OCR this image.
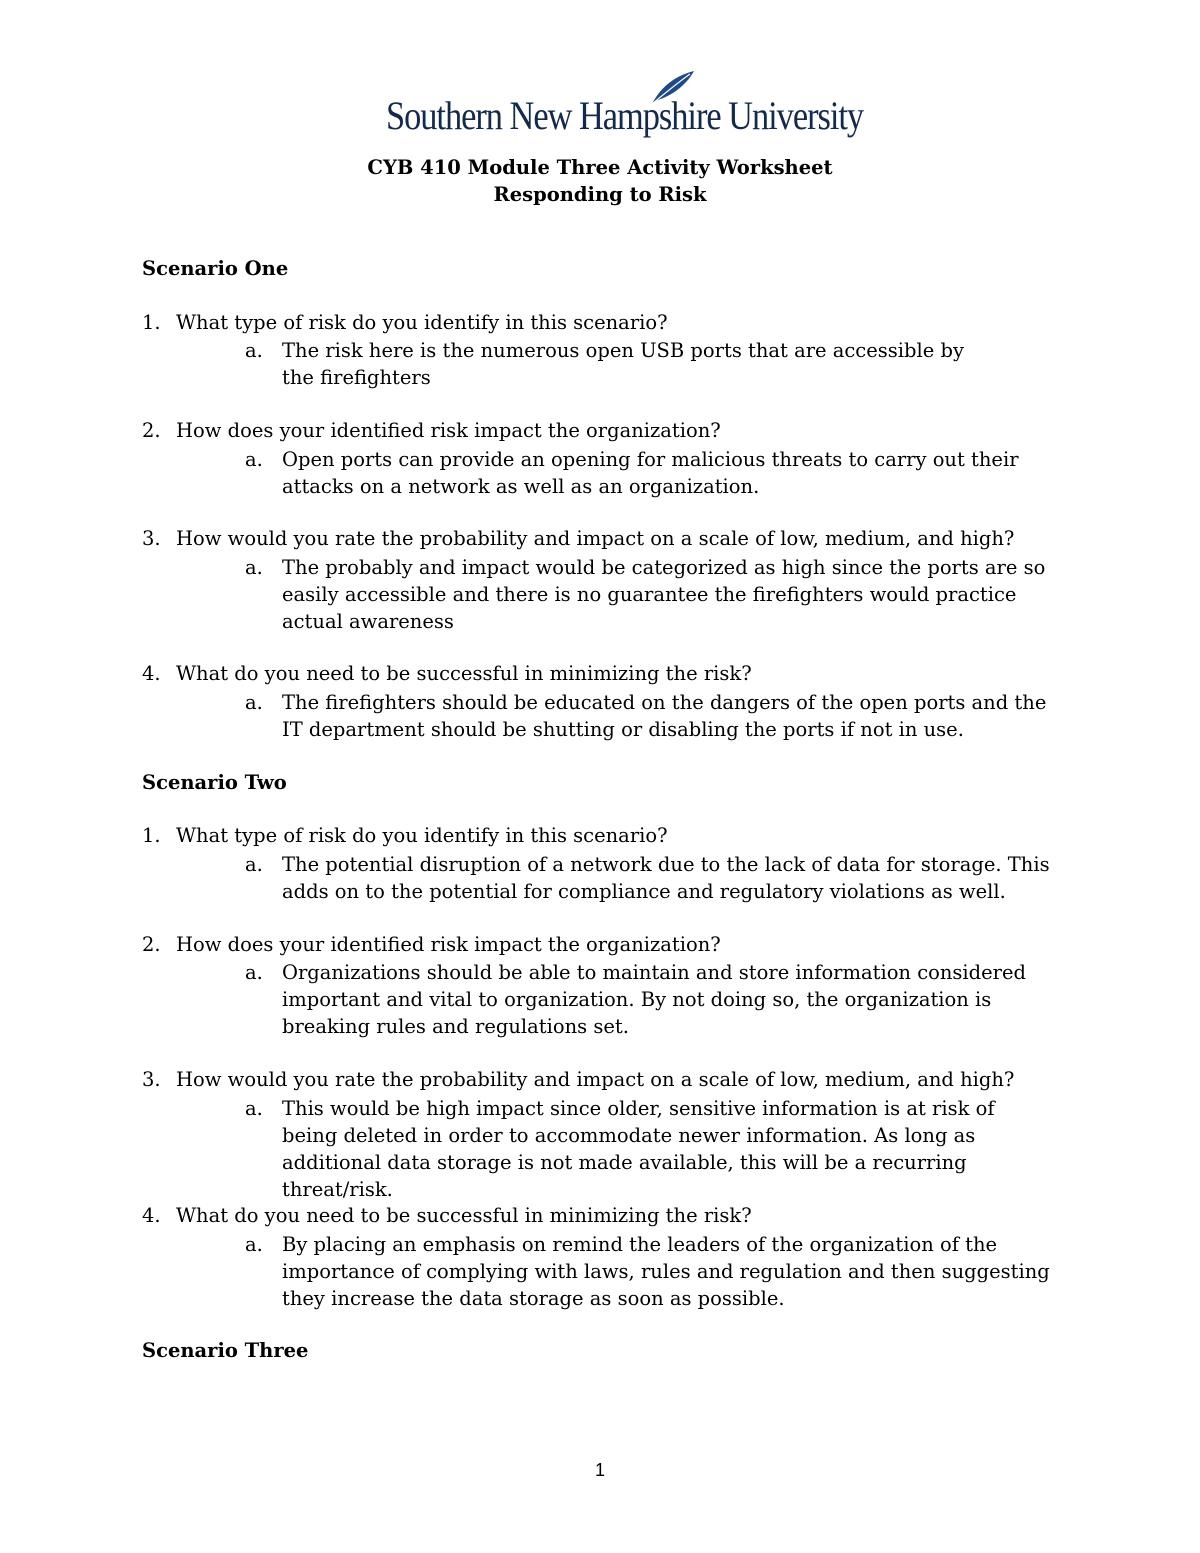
Southern New Hampshire University
CYB 410 Module Three Activity Worksheet
Responding to Risk
Scenario One
1. What type of risk do you identify in this scenario?
a. The risk here is the numerous open USB ports that are accessible by the firefighters
2. How does your identified risk impact the organization?
a. Open ports can provide an opening for malicious threats to carry out their attacks on a network as well as an organization.
3. How would you rate the probability and impact on a scale of low, medium, and high?
a. The probably and impact would be categorized as high since the ports are so easily accessible and there is no guarantee the firefighters would practice actual awareness
4. What do you need to be successful in minimizing the risk?
a. The firefighters should be educated on the dangers of the open ports and the IT department should be shutting or disabling the ports if not in use.
Scenario Two
1. What type of risk do you identify in this scenario?
a. The potential disruption of a network due to the lack of data for storage. This adds on to the potential for compliance and regulatory violations as well.
2. How does your identified risk impact the organization?
a. Organizations should be able to maintain and store information considered important and vital to organization. By not doing so, the organization is breaking rules and regulations set.
3. How would you rate the probability and impact on a scale of low, medium, and high?
a. This would be high impact since older, sensitive information is at risk of being deleted in order to accommodate newer information. As long as additional data storage is not made available, this will be a recurring threat/risk.
4. What do you need to be successful in minimizing the risk?
a. By placing an emphasis on remind the leaders of the organization of the importance of complying with laws, rules and regulation and then suggesting they increase the data storage as soon as possible.
Scenario Three
1
